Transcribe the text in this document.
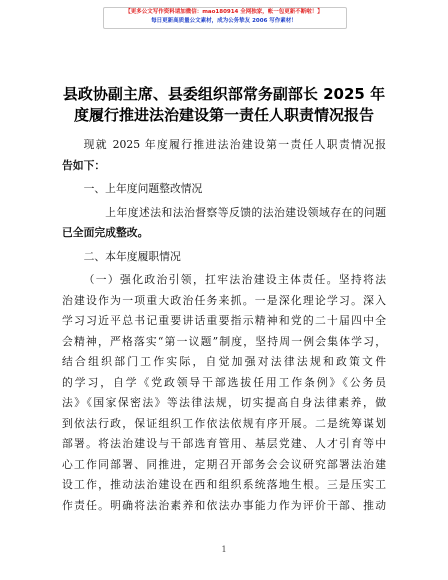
【更多公文写作资料请加微信：mao180914 全网独家，帐一包更新不断啦！】
每日更新高质量公文素材，成为公务挚友 2006 写作素材！
县政协副主席、县委组织部常务副部长 2025 年
度履行推进法治建设第一责任人职责情况报告
现就 2025 年度履行推进法治建设第一责任人职责情况报
告如下：
一、上年度问题整改情况
上年度述法和法治督察等反馈的法治建设领域存在的问题
已全面完成整改。
二、本年度履职情况
（一）强化政治引领，扛牢法治建设主体责任。坚持将法
治建设作为一项重大政治任务来抓。一是深化理论学习。深入
学习习近平总书记重要讲话重要指示精神和党的二十届四中全
会精神，严格落实“第一议题”制度，坚持周一例会集体学习，
结合组织部门工作实际，自觉加强对法律法规和政策文件
的学习，自学《党政领导干部选拔任用工作条例》《公务员
法》《国家保密法》等法律法规，切实提高自身法律素养，做
到依法行政，保证组织工作依法依规有序开展。二是统筹谋划
部署。将法治建设与干部选育管用、基层党建、人才引育等中
心工作同部署、同推进，定期召开部务会会议研究部署法治建
设工作，推动法治建设在西和组织系统落地生根。三是压实工
作责任。明确将法治素养和依法办事能力作为评价干部、推动
1
